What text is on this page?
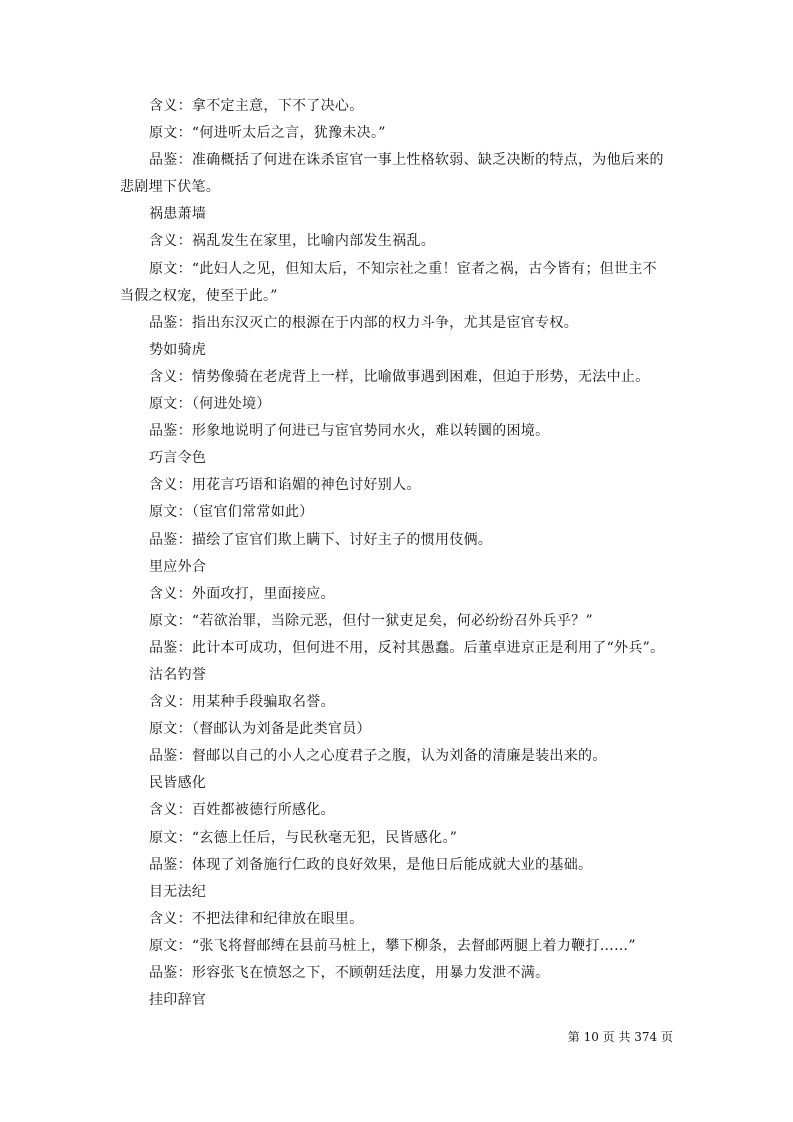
含义：拿不定主意，下不了决心。
原文：“何进听太后之言，犹豫未决。”
品鉴：准确概括了何进在诛杀宦官一事上性格软弱、缺乏决断的特点，为他后来的
悲剧埋下伏笔。
祸患萧墙
含义：祸乱发生在家里，比喻内部发生祸乱。
原文：“此妇人之见，但知太后，不知宗社之重！宦者之祸，古今皆有；但世主不
当假之权宠，使至于此。”
品鉴：指出东汉灭亡的根源在于内部的权力斗争，尤其是宦官专权。
势如骑虎
含义：情势像骑在老虎背上一样，比喻做事遇到困难，但迫于形势，无法中止。
原文：（何进处境）
品鉴：形象地说明了何进已与宦官势同水火，难以转圜的困境。
巧言令色
含义：用花言巧语和谄媚的神色讨好别人。
原文：（宦官们常常如此）
品鉴：描绘了宦官们欺上瞒下、讨好主子的惯用伎俩。
里应外合
含义：外面攻打，里面接应。
原文：“若欲治罪，当除元恶，但付一狱吏足矣，何必纷纷召外兵乎？”
品鉴：此计本可成功，但何进不用，反衬其愚蠢。后董卓进京正是利用了“外兵”。
沽名钓誉
含义：用某种手段骗取名誉。
原文：（督邮认为刘备是此类官员）
品鉴：督邮以自己的小人之心度君子之腹，认为刘备的清廉是装出来的。
民皆感化
含义：百姓都被德行所感化。
原文：“玄德上任后，与民秋毫无犯，民皆感化。”
品鉴：体现了刘备施行仁政的良好效果，是他日后能成就大业的基础。
目无法纪
含义：不把法律和纪律放在眼里。
原文：“张飞将督邮缚在县前马桩上，攀下柳条，去督邮两腿上着力鞭打……”
品鉴：形容张飞在愤怒之下，不顾朝廷法度，用暴力发泄不满。
挂印辞官
第 10 页 共 374 页
